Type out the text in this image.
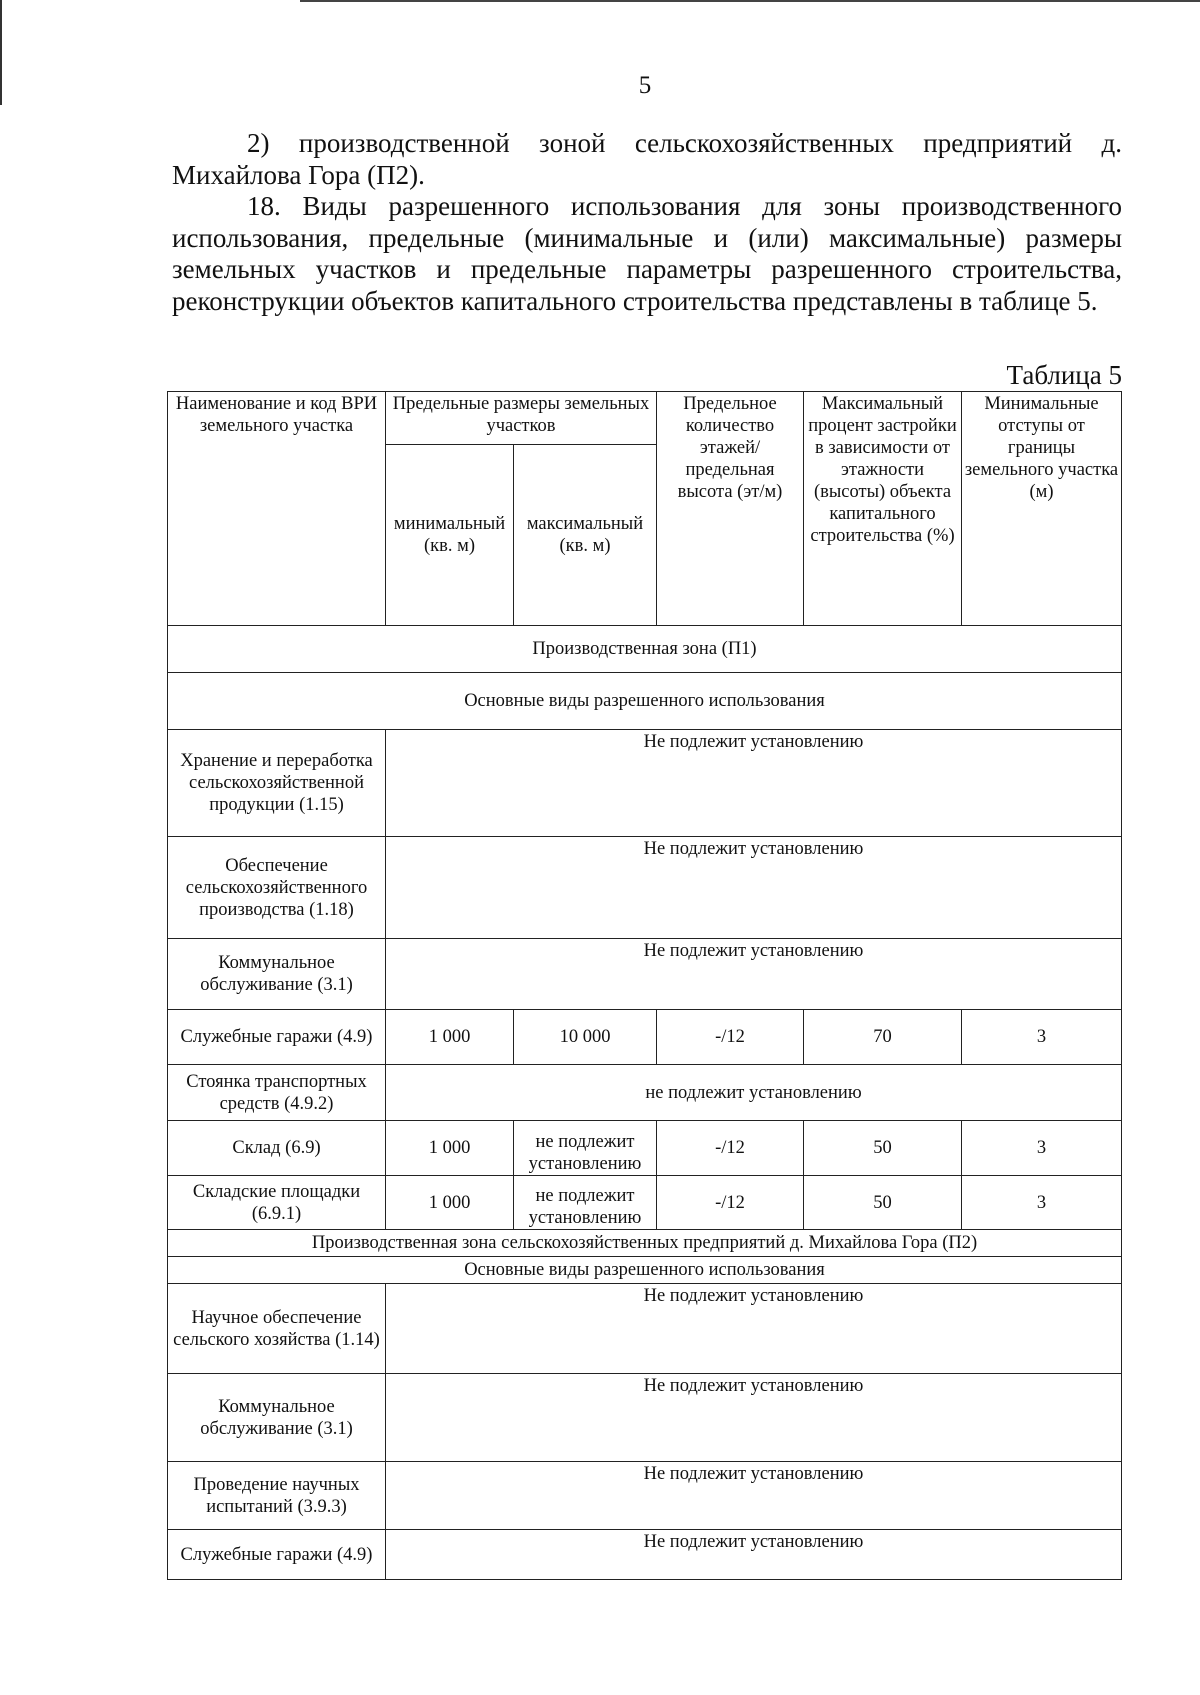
5

2) производственной зоной сельскохозяйственных предприятий д. Михайлова Гора (П2).

18. Виды разрешенного использования для зоны производственного использования, предельные (минимальные и (или) максимальные) размеры земельных участков и предельные параметры разрешенного строительства, реконструкции объектов капитального строительства представлены в таблице 5.

Таблица 5
Наименование и код ВРИ земельного участка	Предельные размеры земельных участков		Предельное количество этажей/ предельная высота (эт/м)	Максимальный процент застройки в зависимости от этажности (высоты) объекта капитального строительства (%)	Минимальные отступы от границы земельного участка (м)
	минимальный (кв. м)	максимальный (кв. м)			
Производственная зона (П1)					
Основные виды разрешенного использования					
Хранение и переработка сельскохозяйственной продукции (1.15)	Не подлежит установлению				
Обеспечение сельскохозяйственного производства (1.18)	Не подлежит установлению				
Коммунальное обслуживание (3.1)	Не подлежит установлению				
Служебные гаражи (4.9)	1 000	10 000	-/12	70	3
Стоянка транспортных средств (4.9.2)	не подлежит установлению				
Склад (6.9)	1 000	не подлежит установлению	-/12	50	3
Складские площадки (6.9.1)	1 000	не подлежит установлению	-/12	50	3
Производственная зона сельскохозяйственных предприятий д. Михайлова Гора (П2)					
Основные виды разрешенного использования					
Научное обеспечение сельского хозяйства (1.14)	Не подлежит установлению				
Коммунальное обслуживание (3.1)	Не подлежит установлению				
Проведение научных испытаний (3.9.3)	Не подлежит установлению				
Служебные гаражи (4.9)	Не подлежит установлению				
